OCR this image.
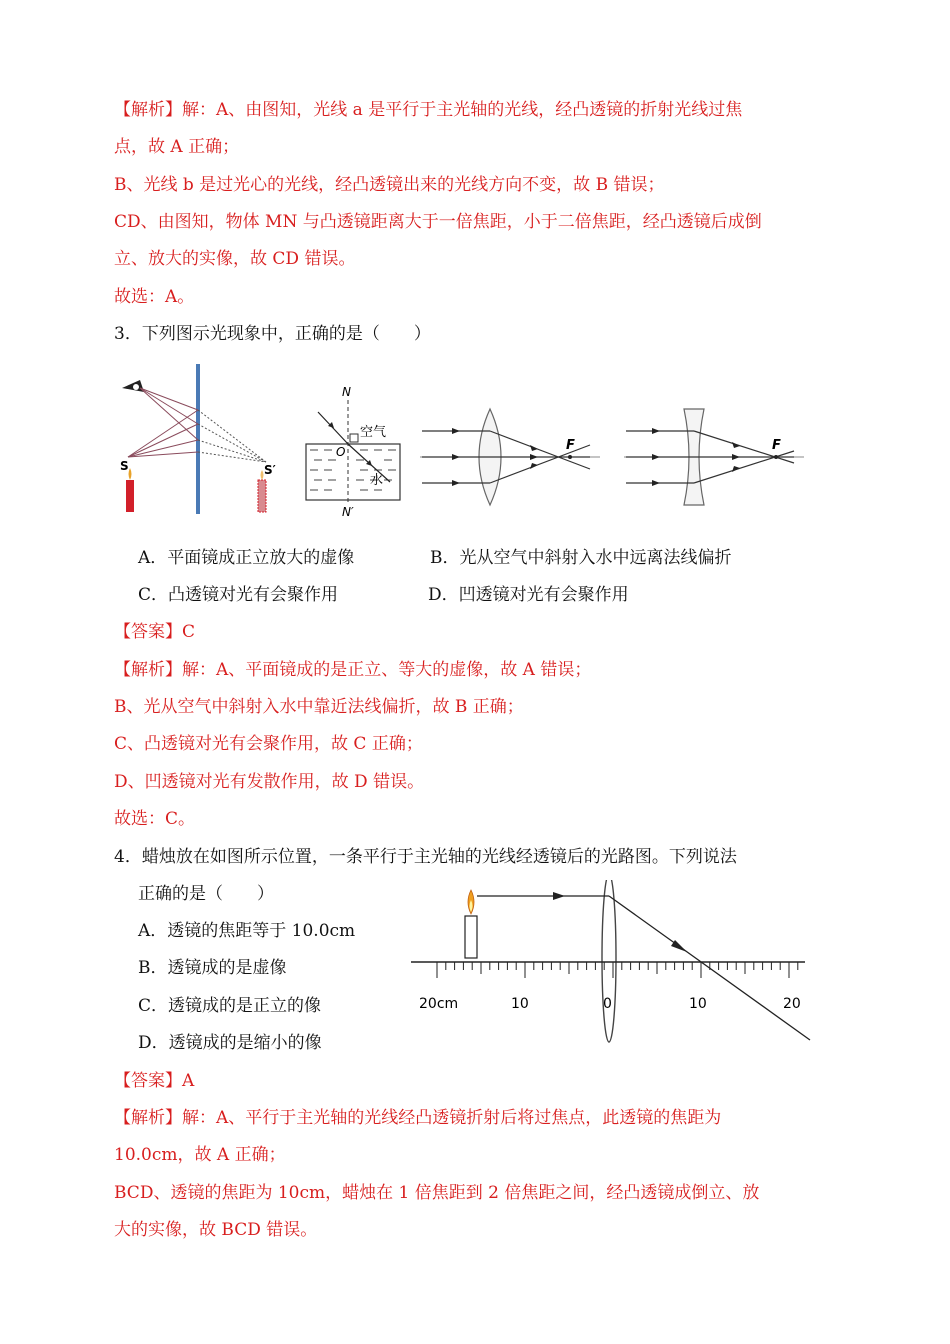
【解析】解：A、由图知，光线 a 是平行于主光轴的光线，经凸透镜的折射光线过焦
点，故 A 正确；
B、光线 b 是过光心的光线，经凸透镜出来的光线方向不变，故 B 错误；
CD、由图知，物体 MN 与凸透镜距离大于一倍焦距，小于二倍焦距，经凸透镜后成倒
立、放大的实像，故 CD 错误。
故选：A。
3．下列图示光现象中，正确的是（　　）
S	S′
N
O
空气
水
N′
F	F
A．平面镜成正立放大的虚像	B．光从空气中斜射入水中远离法线偏折
C．凸透镜对光有会聚作用	D．凹透镜对光有会聚作用
【答案】C
【解析】解：A、平面镜成的是正立、等大的虚像，故 A 错误；
B、光从空气中斜射入水中靠近法线偏折，故 B 正确；
C、凸透镜对光有会聚作用，故 C 正确；
D、凹透镜对光有发散作用，故 D 错误。
故选：C。
4．蜡烛放在如图所示位置，一条平行于主光轴的光线经透镜后的光路图。下列说法
正确的是（　　）
A．透镜的焦距等于 10.0cm
B．透镜成的是虚像
C．透镜成的是正立的像
D．透镜成的是缩小的像
20cm	10	0	10	20
【答案】A
【解析】解：A、平行于主光轴的光线经凸透镜折射后将过焦点，此透镜的焦距为
10.0cm，故 A 正确；
BCD、透镜的焦距为 10cm，蜡烛在 1 倍焦距到 2 倍焦距之间，经凸透镜成倒立、放
大的实像，故 BCD 错误。
